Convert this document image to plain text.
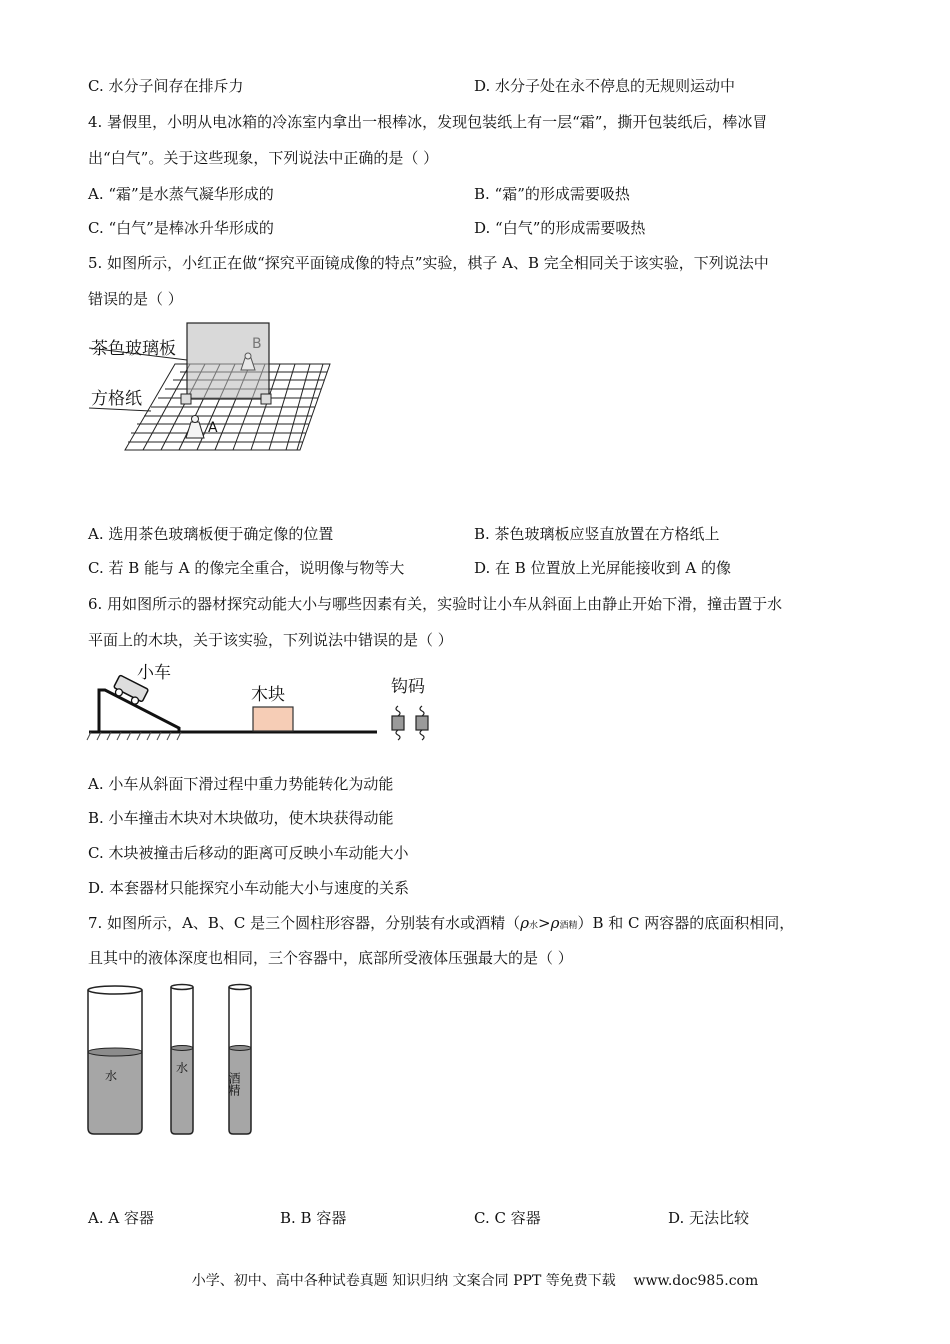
C. 水分子间存在排斥力	D. 水分子处在永不停息的无规则运动中
4. 暑假里，小明从电冰箱的冷冻室内拿出一根棒冰，发现包装纸上有一层“霜”，撕开包装纸后，棒冰冒
出“白气”。关于这些现象，下列说法中正确的是（ ）
A. “霜”是水蒸气凝华形成的	B. “霜”的形成需要吸热
C. “白气”是棒冰升华形成的	D. “白气”的形成需要吸热
5. 如图所示，小红正在做“探究平面镜成像的特点”实验，棋子 A、B 完全相同关于该实验，下列说法中
错误的是（ ）
茶色玻璃板
方格纸
A
B
A. 选用茶色玻璃板便于确定像的位置	B. 茶色玻璃板应竖直放置在方格纸上
C. 若 B 能与 A 的像完全重合，说明像与物等大	D. 在 B 位置放上光屏能接收到 A 的像
6. 用如图所示的器材探究动能大小与哪些因素有关，实验时让小车从斜面上由静止开始下滑，撞击置于水
平面上的木块，关于该实验，下列说法中错误的是（ ）
小车
木块	钩码
A. 小车从斜面下滑过程中重力势能转化为动能
B. 小车撞击木块对木块做功，使木块获得动能
C. 木块被撞击后移动的距离可反映小车动能大小
D. 本套器材只能探究小车动能大小与速度的关系
7. 如图所示，A、B、C 是三个圆柱形容器，分别装有水或酒精（ρ水>ρ酒精）B 和 C 两容器的底面积相同，
且其中的液体深度也相同，三个容器中，底部所受液体压强最大的是（ ）
水
水
酒精
A. A 容器	B. B 容器	C. C 容器	D. 无法比较
小学、初中、高中各种试卷真题 知识归纳 文案合同 PPT 等免费下载 www.doc985.com
